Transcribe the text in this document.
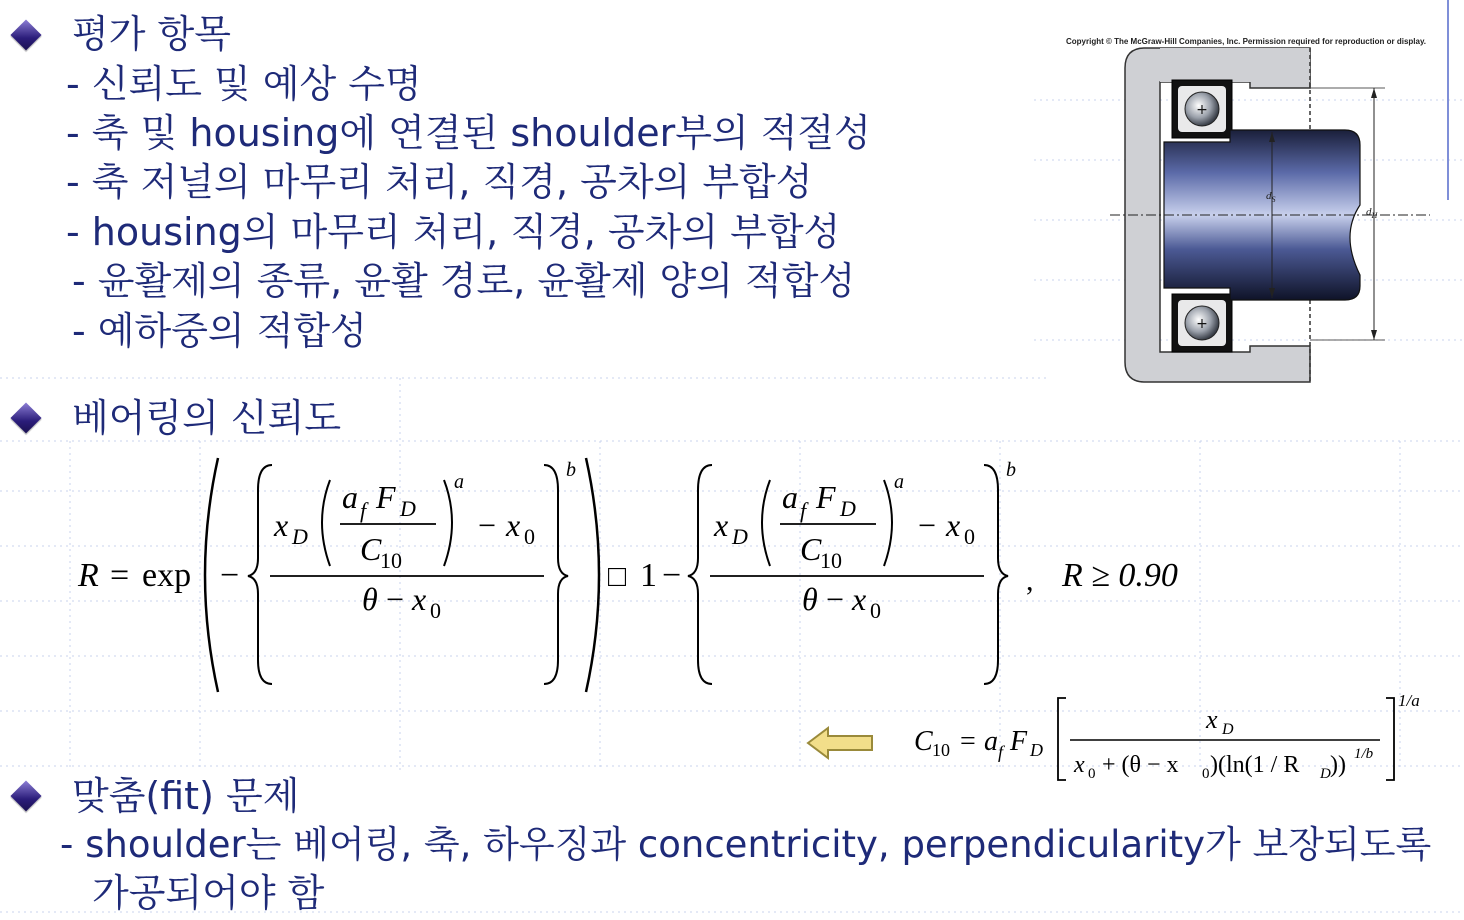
평가 항목
- 신뢰도 및 예상 수명
- 축 및 housing에 연결된 shoulder부의 적절성
- 축 저널의 마무리 처리, 직경, 공차의 부합성
- housing의 마무리 처리, 직경, 공차의 부합성
- 윤활제의 종류, 윤활 경로, 윤활제 양의 적합성
- 예하중의 적합성
베어링의 신뢰도
Copyright © The McGraw-Hill Companies, Inc. Permission required for reproduction or display.
+
+
$d_S$
$d_H$
R = exp −
x D
a f F D
C
10
a
− x 0
θ − x 0
b
□ 1 −
x D
a f F D
C
10
a
− x 0
θ − x 0
b
, R ≥ 0.90
C 10 = a f F D
x D
x 0 + (θ − x 0 )(ln(1 / R D )) 1/b
1/a
맞춤(fit) 문제
- shoulder는 베어링, 축, 하우징과 concentricity, perpendicularity가 보장되도록
가공되어야 함
